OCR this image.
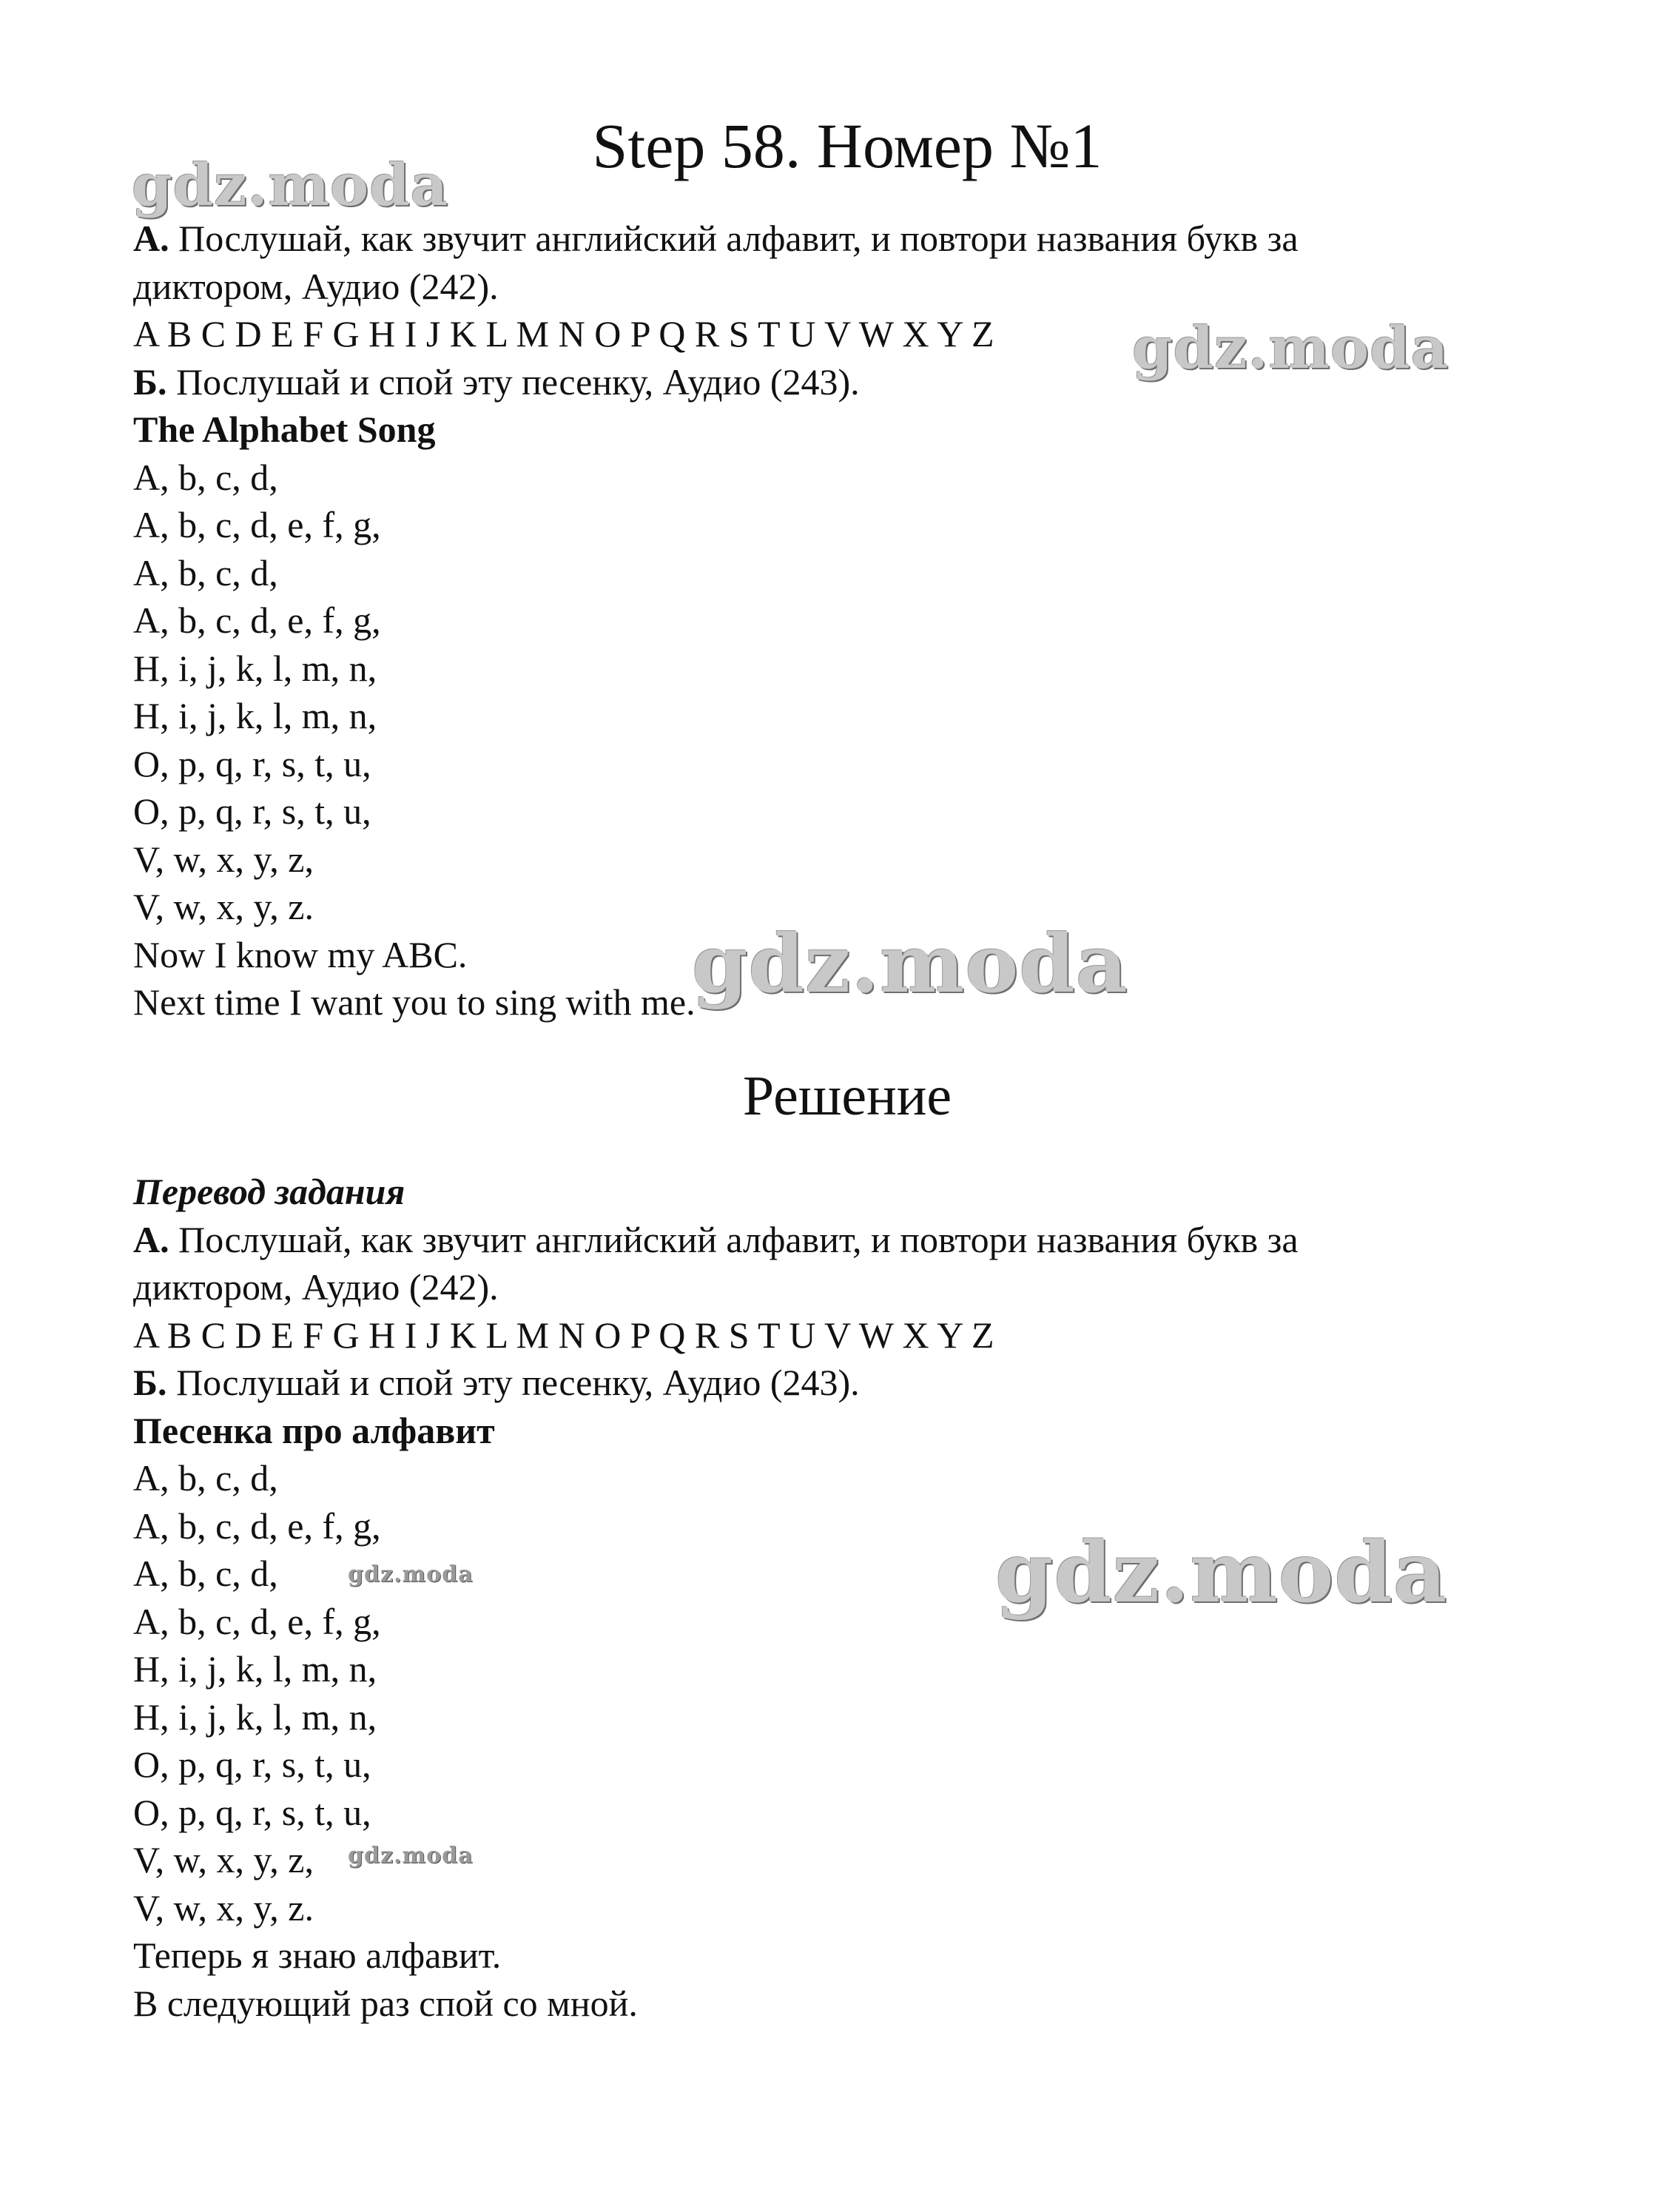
Step 58. Номер №1
А. Послушай, как звучит английский алфавит, и повтори названия букв за
диктором, Аудио (242).
A B C D E F G H I J K L M N O P Q R S T U V W X Y Z
Б. Послушай и спой эту песенку, Аудио (243).
The Alphabet Song
A, b, c, d,
A, b, c, d, e, f, g,
A, b, c, d,
A, b, c, d, e, f, g,
H, i, j, k, l, m, n,
H, i, j, k, l, m, n,
O, p, q, r, s, t, u,
O, p, q, r, s, t, u,
V, w, x, y, z,
V, w, x, y, z.
Now I know my ABC.
Next time I want you to sing with me.
Решение
Перевод задания
А. Послушай, как звучит английский алфавит, и повтори названия букв за
диктором, Аудио (242).
A B C D E F G H I J K L M N O P Q R S T U V W X Y Z
Б. Послушай и спой эту песенку, Аудио (243).
Песенка про алфавит
A, b, c, d,
A, b, c, d, e, f, g,
A, b, c, d,
A, b, c, d, e, f, g,
H, i, j, k, l, m, n,
H, i, j, k, l, m, n,
O, p, q, r, s, t, u,
O, p, q, r, s, t, u,
V, w, x, y, z,
V, w, x, y, z.
Теперь я знаю алфавит.
В следующий раз спой со мной.
gdz.moda
gdz.moda
gdz.moda
gdz.moda
gdz.moda
gdz.moda
